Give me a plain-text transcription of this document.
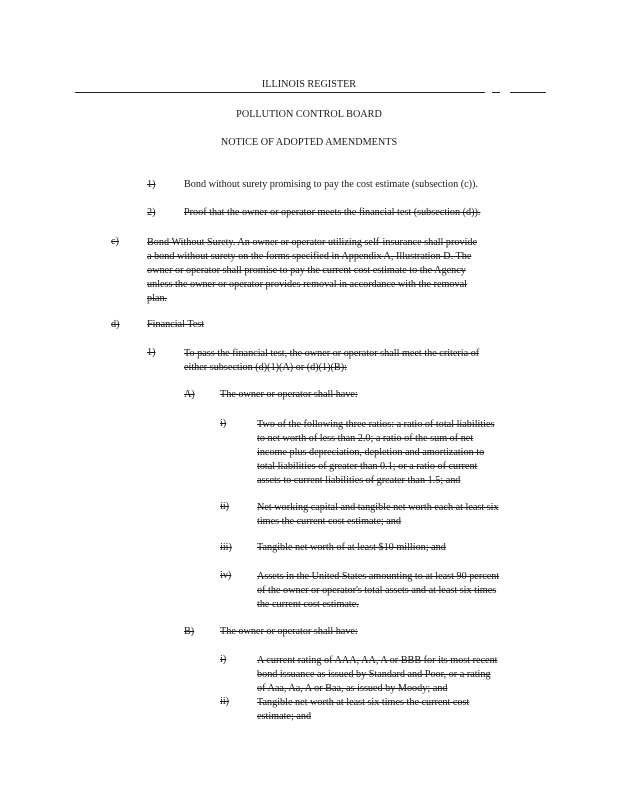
ILLINOIS REGISTER
POLLUTION CONTROL BOARD
NOTICE OF ADOPTED AMENDMENTS
1)	Bond without surety promising to pay the cost estimate (subsection (c)).
2)	Proof that the owner or operator meets the financial test (subsection (d)).
c)	Bond Without Surety. An owner or operator utilizing self-insurance shall provide
a bond without surety on the forms specified in Appendix A, Illustration D. The
owner or operator shall promise to pay the current cost estimate to the Agency
unless the owner or operator provides removal in accordance with the removal
plan.
d)	Financial Test
1)	To pass the financial test, the owner or operator shall meet the criteria of
either subsection (d)(1)(A) or (d)(1)(B):
A) The owner or operator shall have:
i)	Two of the following three ratios: a ratio of total liabilities
to net worth of less than 2.0; a ratio of the sum of net
income plus depreciation, depletion and amortization to
total liabilities of greater than 0.1; or a ratio of current
assets to current liabilities of greater than 1.5; and
ii)	Net working capital and tangible net worth each at least six
times the current cost estimate; and
iii) Tangible net worth of at least $10 million; and
iv)	Assets in the United States amounting to at least 90 percent
of the owner or operator's total assets and at least six times
the current cost estimate.
B)	The owner or operator shall have:
i)	A current rating of AAA, AA, A or BBB for its most recent
bond issuance as issued by Standard and Poor, or a rating
of Aaa, Aa, A or Baa, as issued by Moody; and
ii)	Tangible net worth at least six times the current cost
estimate; and
